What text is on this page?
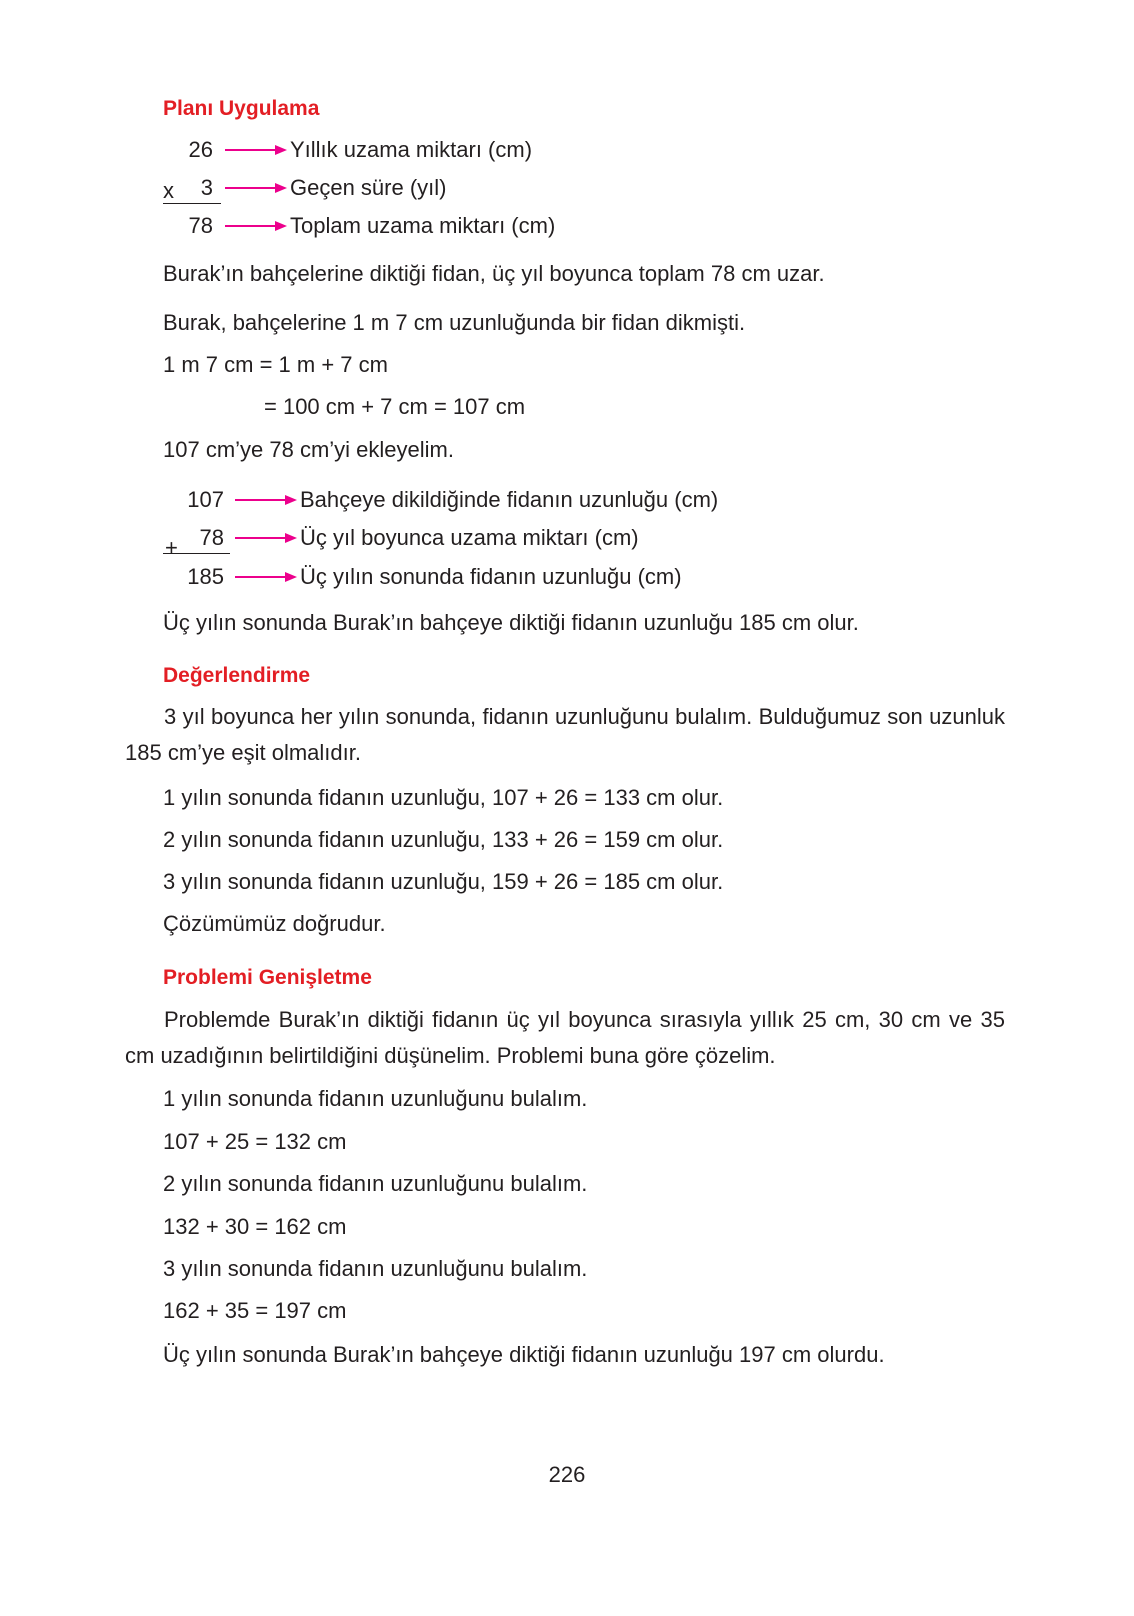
Planı Uygulama
26	Yıllık uzama miktarı (cm)
x	3	Geçen süre (yıl)
78	Toplam uzama miktarı (cm)
Burak’ın bahçelerine diktiği fidan, üç yıl boyunca toplam 78 cm uzar.
Burak, bahçelerine 1 m 7 cm uzunluğunda bir fidan dikmişti.
1 m 7 cm = 1 m + 7 cm
= 100 cm + 7 cm = 107 cm
107 cm’ye 78 cm’yi ekleyelim.
107	Bahçeye dikildiğinde fidanın uzunluğu (cm)
+ 78	Üç yıl boyunca uzama miktarı (cm)
185	Üç yılın sonunda fidanın uzunluğu (cm)
Üç yılın sonunda Burak’ın bahçeye diktiği fidanın uzunluğu 185 cm olur.
Değerlendirme
3 yıl boyunca her yılın sonunda, fidanın uzunluğunu bulalım. Bulduğumuz son uzunluk 185 cm’ye eşit olmalıdır.
1 yılın sonunda fidanın uzunluğu, 107 + 26 = 133 cm olur.
2 yılın sonunda fidanın uzunluğu, 133 + 26 = 159 cm olur.
3 yılın sonunda fidanın uzunluğu, 159 + 26 = 185 cm olur.
Çözümümüz doğrudur.
Problemi Genişletme
Problemde Burak’ın diktiği fidanın üç yıl boyunca sırasıyla yıllık 25 cm, 30 cm ve 35 cm uzadığının belirtildiğini düşünelim. Problemi buna göre çözelim.
1 yılın sonunda fidanın uzunluğunu bulalım.
107 + 25 = 132 cm
2 yılın sonunda fidanın uzunluğunu bulalım.
132 + 30 = 162 cm
3 yılın sonunda fidanın uzunluğunu bulalım.
162 + 35 = 197 cm
Üç yılın sonunda Burak’ın bahçeye diktiği fidanın uzunluğu 197 cm olurdu.
226
